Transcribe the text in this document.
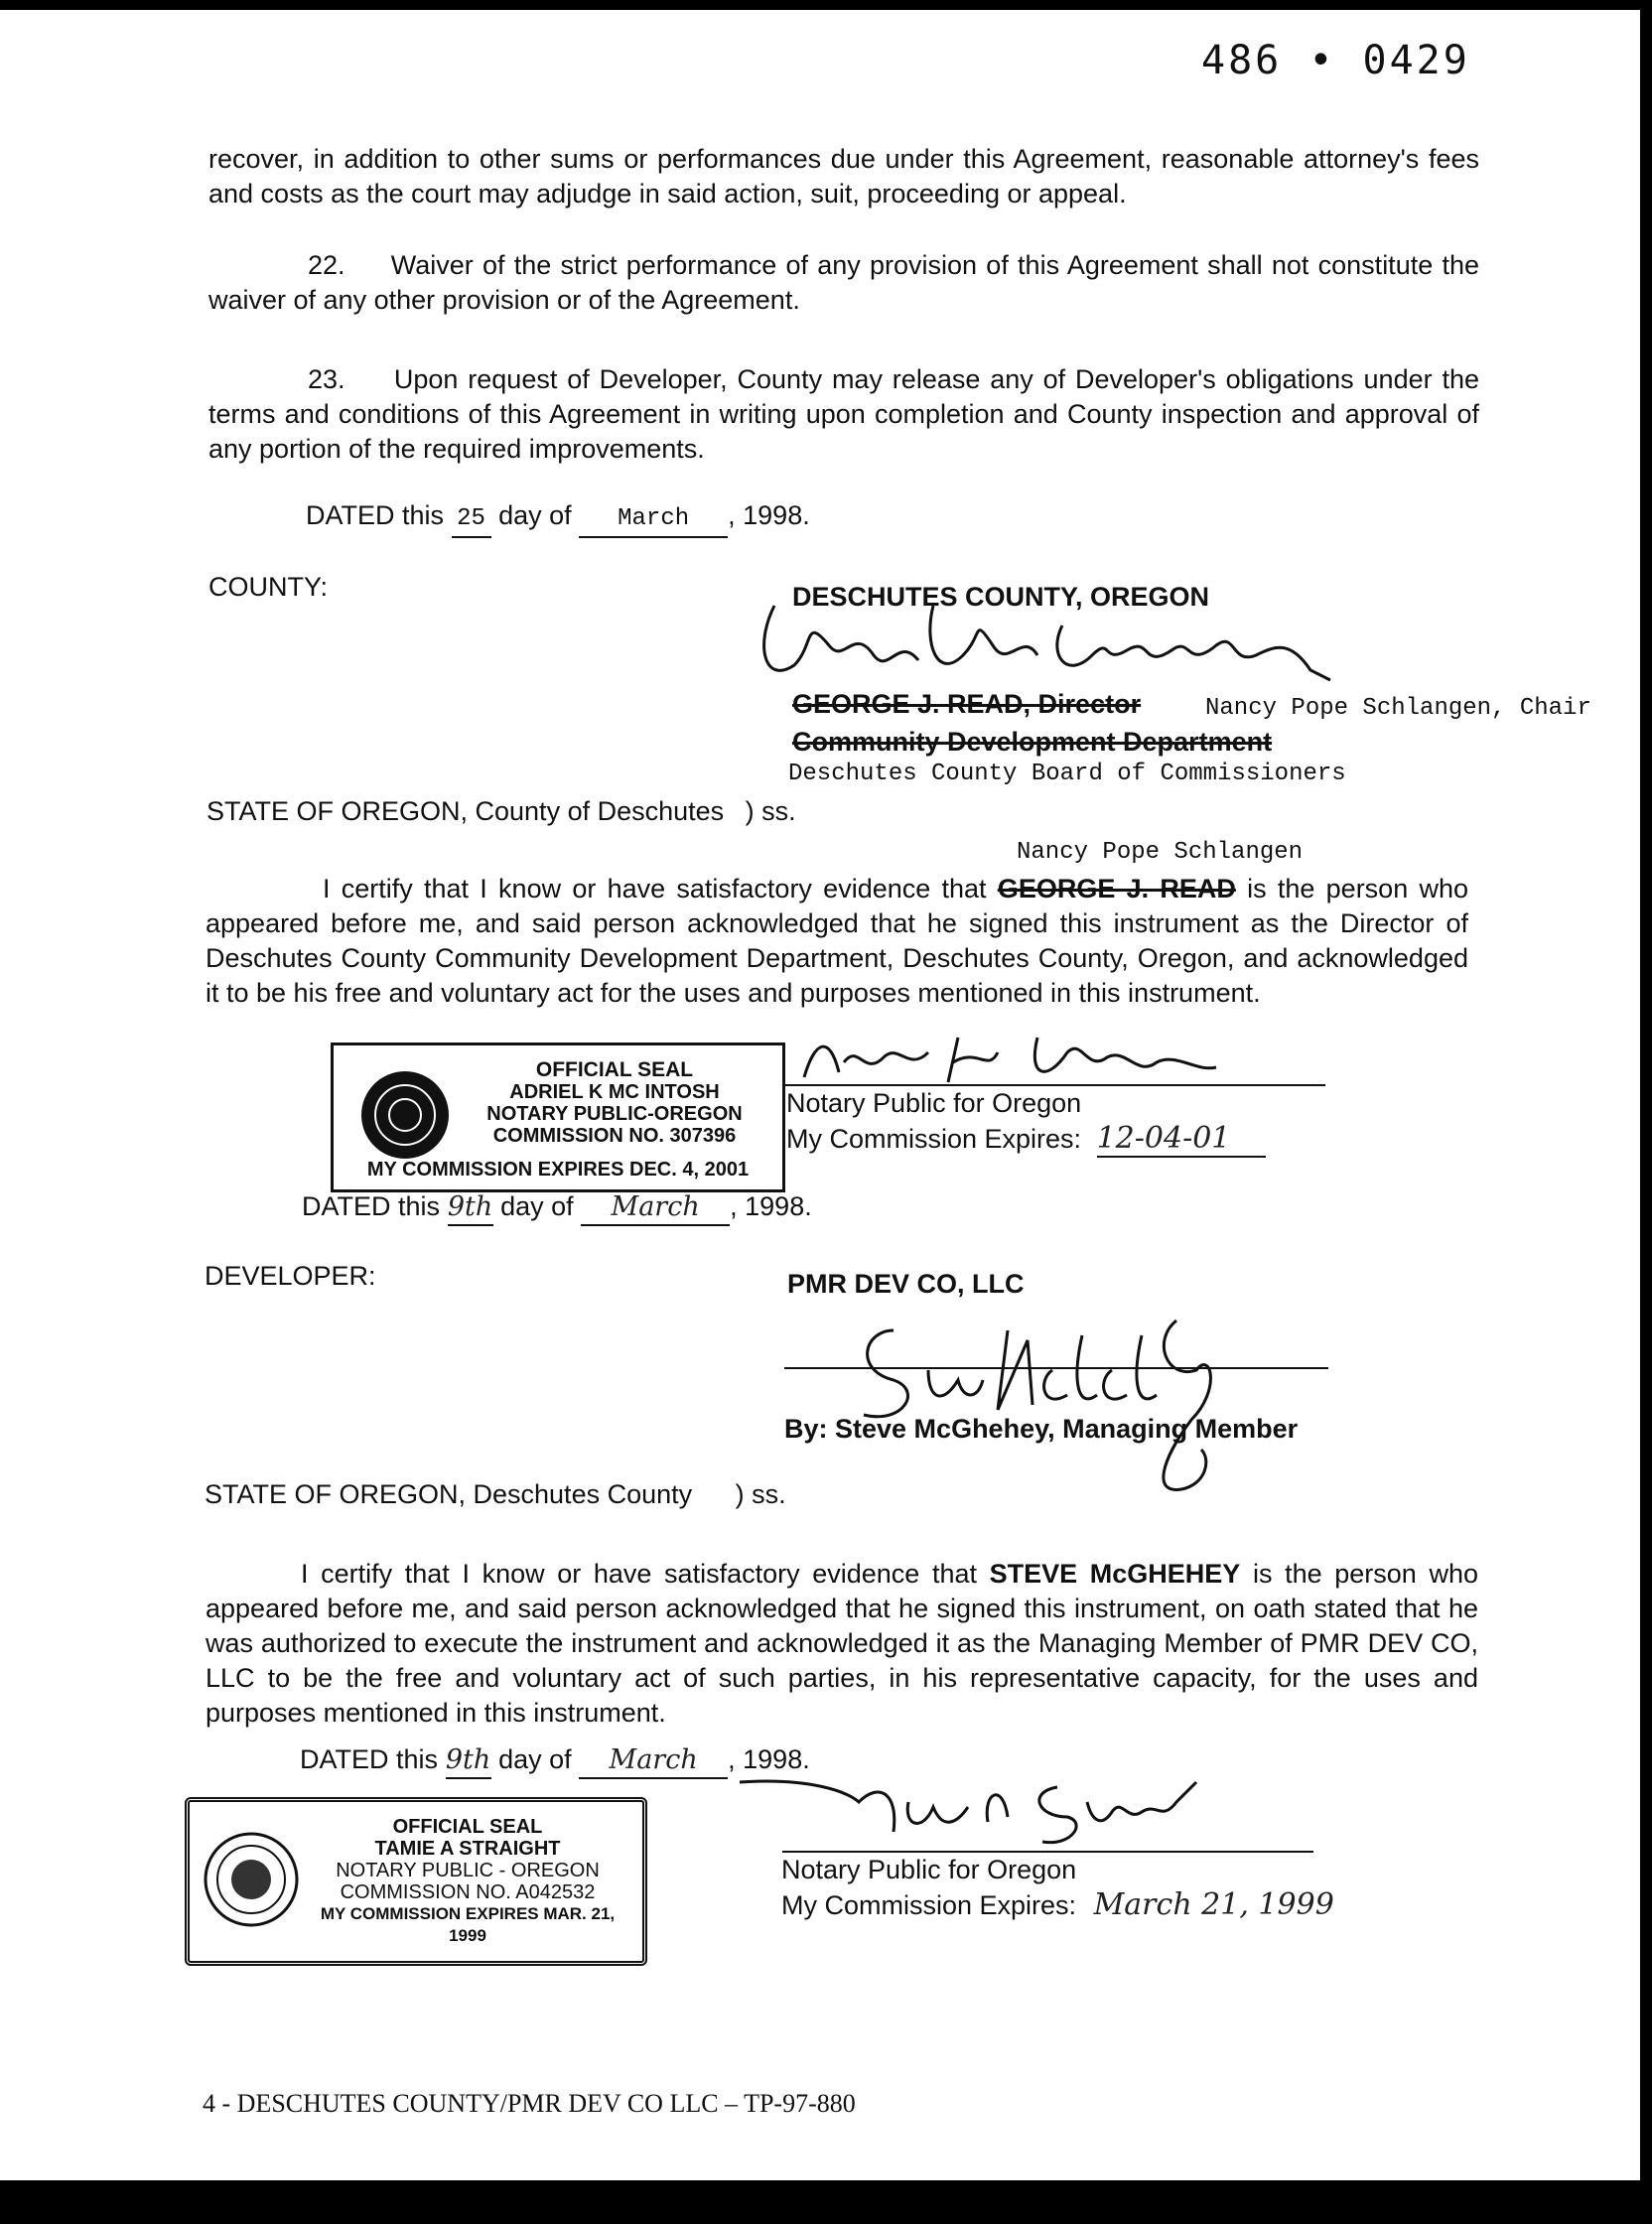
486 • 0429
recover, in addition to other sums or performances due under this Agreement, reasonable attorney's fees and costs as the court may adjudge in said action, suit, proceeding or appeal.
22. Waiver of the strict performance of any provision of this Agreement shall not constitute the waiver of any other provision or of the Agreement.
23. Upon request of Developer, County may release any of Developer's obligations under the terms and conditions of this Agreement in writing upon completion and County inspection and approval of any portion of the required improvements.
DATED this 25 day of March , 1998.
COUNTY:	DESCHUTES COUNTY, OREGON
GEORGE J. READ, Director	Nancy Pope Schlangen, Chair
Community Development Department
Deschutes County Board of Commissioners
STATE OF OREGON, County of Deschutes ) ss.
Nancy Pope Schlangen
I certify that I know or have satisfactory evidence that GEORGE J. READ is the person who appeared before me, and said person acknowledged that he signed this instrument as the Director of Deschutes County Community Development Department, Deschutes County, Oregon, and acknowledged it to be his free and voluntary act for the uses and purposes mentioned in this instrument.
Notary Public for Oregon
My Commission Expires: 12-04-01
OFFICIAL SEAL
ADRIEL K MC INTOSH
NOTARY PUBLIC-OREGON
COMMISSION NO. 307396
MY COMMISSION EXPIRES DEC. 4, 2001
DATED this 9th day of March , 1998.
DEVELOPER:	PMR DEV CO, LLC
By: Steve McGhehey, Managing Member
STATE OF OREGON, Deschutes County ) ss.
I certify that I know or have satisfactory evidence that STEVE McGHEHEY is the person who appeared before me, and said person acknowledged that he signed this instrument, on oath stated that he was authorized to execute the instrument and acknowledged it as the Managing Member of PMR DEV CO, LLC to be the free and voluntary act of such parties, in his representative capacity, for the uses and purposes mentioned in this instrument.
DATED this 9th day of March , 1998.
OFFICIAL SEAL
TAMIE A STRAIGHT
NOTARY PUBLIC - OREGON
COMMISSION NO. A042532
MY COMMISSION EXPIRES MAR. 21, 1999
Notary Public for Oregon
My Commission Expires: March 21, 1999
4 - DESCHUTES COUNTY/PMR DEV CO LLC – TP-97-880
